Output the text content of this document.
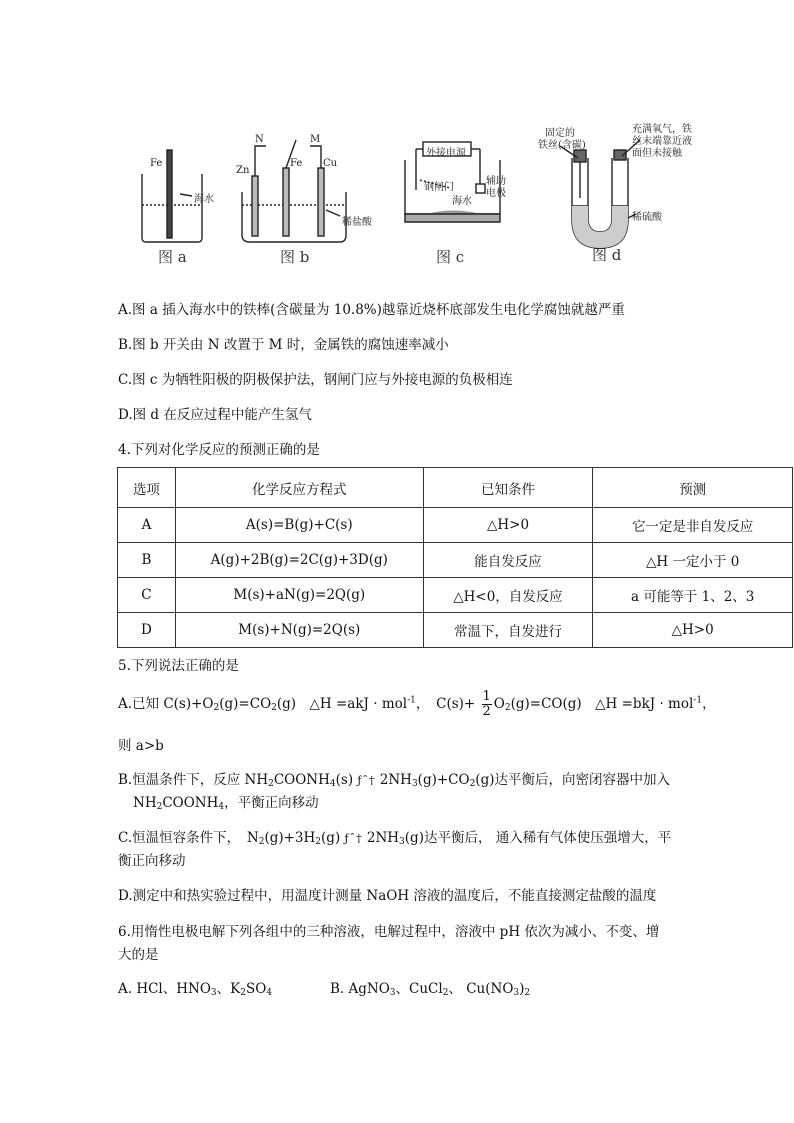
Fe
海水
图 a
N	M
Zn
Fe Cu
稀盐酸
图 b
外接电源
钢闸门
海水
辅助
电极
图 c
固定的
铁丝(含碳)
充满氧气，铁
丝末端靠近液
面但未接触
稀硫酸
图 d
A.图 a 插入海水中的铁棒(含碳量为 10.8%)越靠近烧杯底部发生电化学腐蚀就越严重
B.图 b 开关由 N 改置于 M 时，金属铁的腐蚀速率减小
C.图 c 为牺牲阳极的阴极保护法，钢闸门应与外接电源的负极相连
D.图 d 在反应过程中能产生氢气
4.下列对化学反应的预测正确的是
选项	化学反应方程式	已知条件	预测
A	A(s)=B(g)+C(s)	△H>0	它一定是非自发反应
B	A(g)+2B(g)=2C(g)+3D(g)	能自发反应	△H 一定小于 0
C	M(s)+aN(g)=2Q(g)	△H<0，自发反应	a 可能等于 1、2、3
D	M(s)+N(g)=2Q(s)	常温下，自发进行	△H>0
5.下列说法正确的是
A.已知 $C(s)+O_2(g)=CO_2(g)$　△H =akJ · mol$^{-1}$，　$C(s)+ \frac{1}{2} O_2(g)=CO(g)$　△H =bkJ · mol$^{-1}$，
则 a>b
B.恒温条件下，反应 $NH_2COONH_4(s)$ ƒˆ† $2NH_3(g)+CO_2(g)$达平衡后，向密闭容器中加入
$NH_2COONH_4$，平衡正向移动
C.恒温恒容条件下，　$N_2(g)+3H_2(g)$ ƒˆ† $2NH_3(g)$达平衡后， 通入稀有气体使压强增大，平
衡正向移动
D.测定中和热实验过程中，用温度计测量 NaOH 溶液的温度后，不能直接测定盐酸的温度
6.用惰性电极电解下列各组中的三种溶液，电解过程中，溶液中 pH 依次为减小、不变、增
大的是
A. HCl、$HNO_3$、$K_2SO_4$	B. AgNO$_3$、CuCl$_2$、 $Cu(NO_3)_2$
